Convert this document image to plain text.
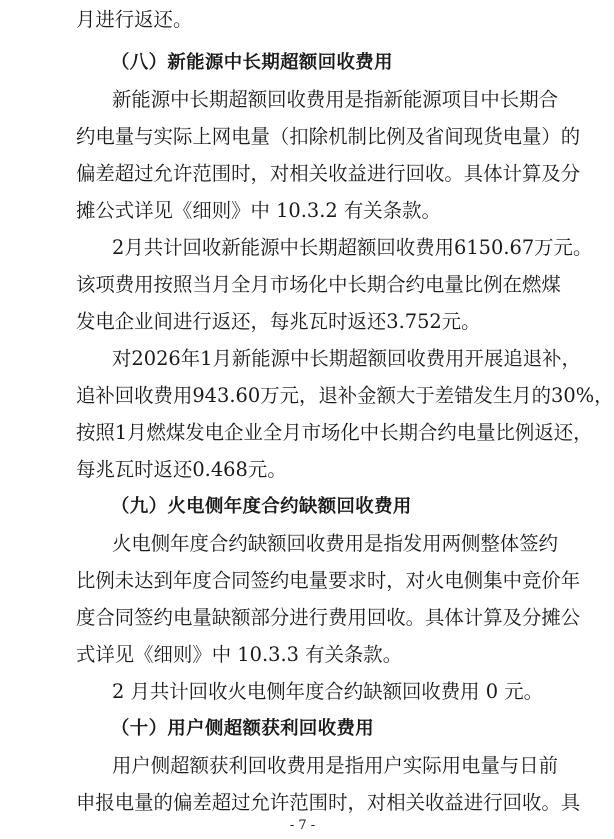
月进行返还。

（八）新能源中长期超额回收费用

新能源中长期超额回收费用是指新能源项目中长期合

约电量与实际上网电量（扣除机制比例及省间现货电量）的

偏差超过允许范围时，对相关收益进行回收。具体计算及分

摊公式详见《细则》中 10.3.2 有关条款。

2月共计回收新能源中长期超额回收费用6150.67万元。

该项费用按照当月全月市场化中长期合约电量比例在燃煤

发电企业间进行返还，每兆瓦时返还3.752元。

对2026年1月新能源中长期超额回收费用开展追退补，

追补回收费用943.60万元，退补金额大于差错发生月的30%，

按照1月燃煤发电企业全月市场化中长期合约电量比例返还，

每兆瓦时返还0.468元。

（九）火电侧年度合约缺额回收费用

火电侧年度合约缺额回收费用是指发用两侧整体签约

比例未达到年度合同签约电量要求时，对火电侧集中竞价年

度合同签约电量缺额部分进行费用回收。具体计算及分摊公

式详见《细则》中 10.3.3 有关条款。

2 月共计回收火电侧年度合约缺额回收费用 0 元。

（十）用户侧超额获利回收费用

用户侧超额获利回收费用是指用户实际用电量与日前

申报电量的偏差超过允许范围时，对相关收益进行回收。具

- 7 -
